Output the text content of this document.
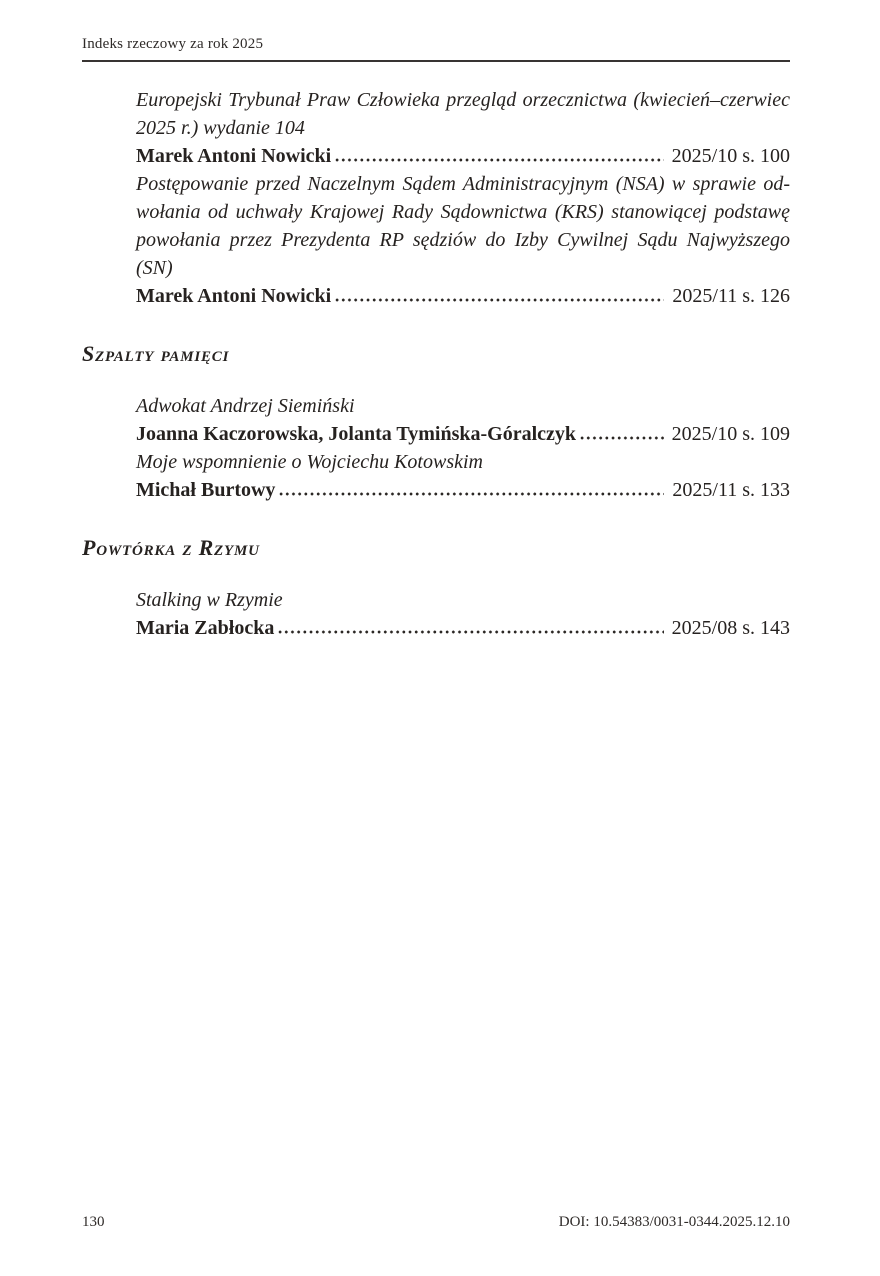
Indeks rzeczowy za rok 2025

Europejski Trybunał Praw Człowieka przegląd orzecznictwa (kwiecień–czerwiec 2025 r.) wydanie 104

Marek Antoni Nowicki	2025/10 s. 100

Postępowanie przed Naczelnym Sądem Administracyjnym (NSA) w sprawie odwołania od uchwały Krajowej Rady Sądownictwa (KRS) stanowiącej podstawę powołania przez Prezydenta RP sędziów do Izby Cywilnej Sądu Najwyższego (SN)

Marek Antoni Nowicki	2025/11 s. 126
Szpalty pamięci

Adwokat Andrzej Siemiński

Joanna Kaczorowska, Jolanta Tymińska-Góralczyk	2025/10 s. 109

Moje wspomnienie o Wojciechu Kotowskim

Michał Burtowy	2025/11 s. 133
Powtórka z Rzymu

Stalking w Rzymie

Maria Zabłocka	2025/08 s. 143
130	DOI: 10.54383/0031-0344.2025.12.10
